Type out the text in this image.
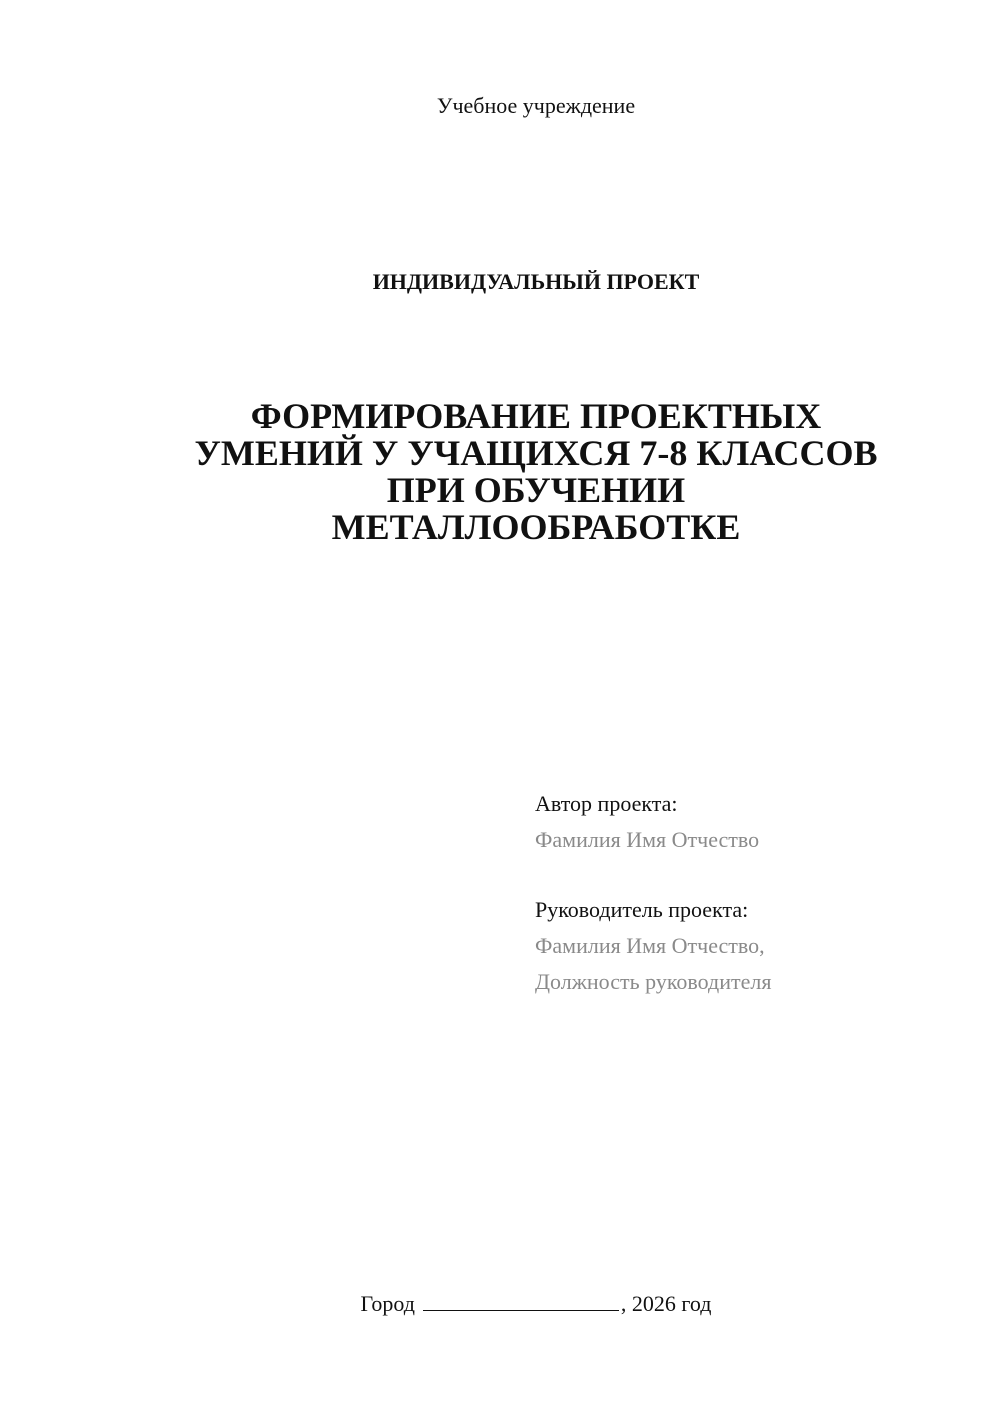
Учебное учреждение
ИНДИВИДУАЛЬНЫЙ ПРОЕКТ
ФОРМИРОВАНИЕ ПРОЕКТНЫХ
УМЕНИЙ У УЧАЩИХСЯ 7-8 КЛАССОВ
ПРИ ОБУЧЕНИИ
МЕТАЛЛООБРАБОТКЕ
Автор проекта:
Фамилия Имя Отчество
Руководитель проекта:
Фамилия Имя Отчество,
Должность руководителя
Город	, 2026 год
